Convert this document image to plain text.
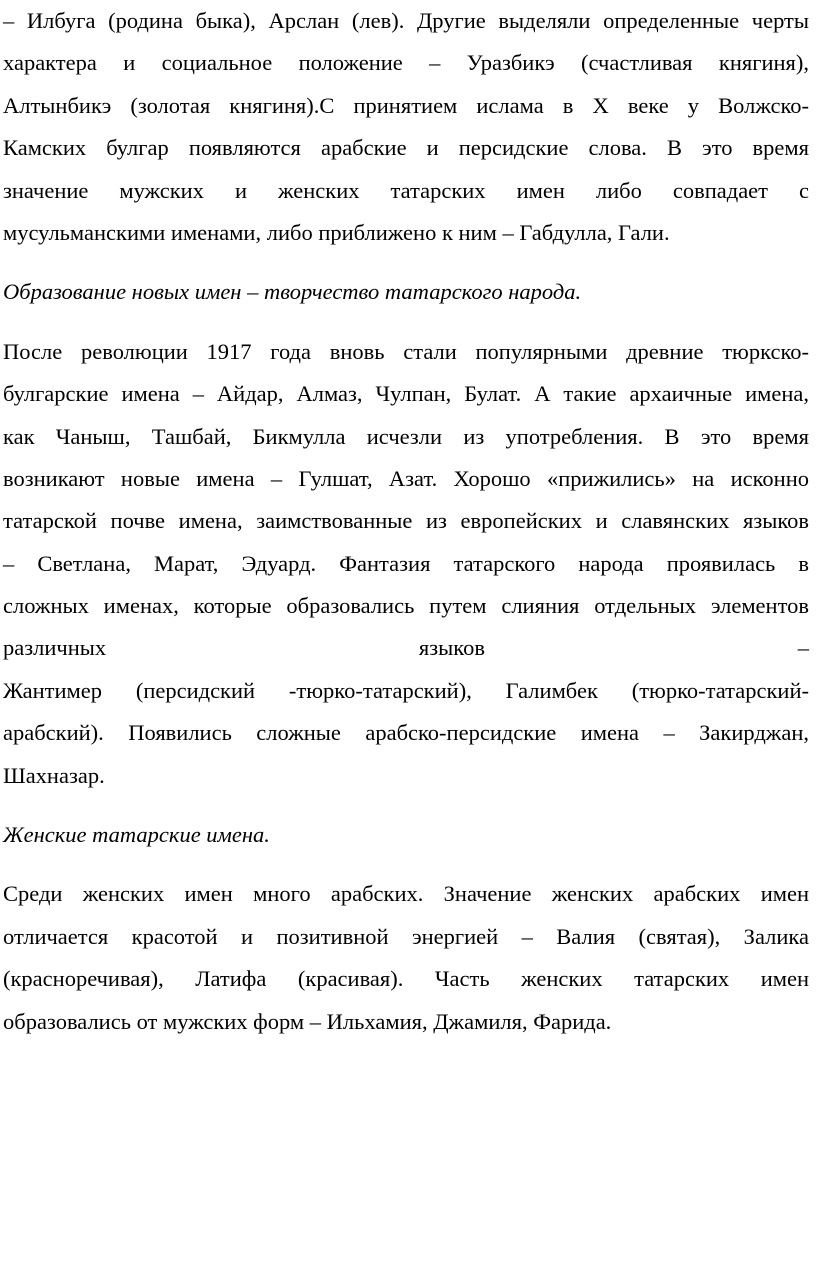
– Илбуга (родина быка), Арслан (лев). Другие выделяли определенные черты
характера и социальное положение – Уразбикэ (счастливая княгиня),
Алтынбикэ (золотая княгиня).С принятием ислама в X веке у Волжско-
Камских булгар появляются арабские и персидские слова. В это время
значение мужских и женских татарских имен либо совпадает с
мусульманскими именами, либо приближено к ним – Габдулла, Гали.
Образование новых имен – творчество татарского народа.
После революции 1917 года вновь стали популярными древние тюркско-
булгарские имена – Айдар, Алмаз, Чулпан, Булат. А такие архаичные имена,
как Чаныш, Ташбай, Бикмулла исчезли из употребления. В это время
возникают новые имена – Гулшат, Азат. Хорошо «прижились» на исконно
татарской почве имена, заимствованные из европейских и славянских языков
– Светлана, Марат, Эдуард. Фантазия татарского народа проявилась в
сложных именах, которые образовались путем слияния отдельных элементов
различных языков –
Жантимер (персидский -тюрко-татарский), Галимбек (тюрко-татарский-
арабский). Появились сложные арабско-персидские имена – Закирджан,
Шахназар.
Женские татарские имена.
Среди женских имен много арабских. Значение женских арабских имен
отличается красотой и позитивной энергией – Валия (святая), Залика
(красноречивая), Латифа (красивая). Часть женских татарских имен
образовались от мужских форм – Ильхамия, Джамиля, Фарида.
